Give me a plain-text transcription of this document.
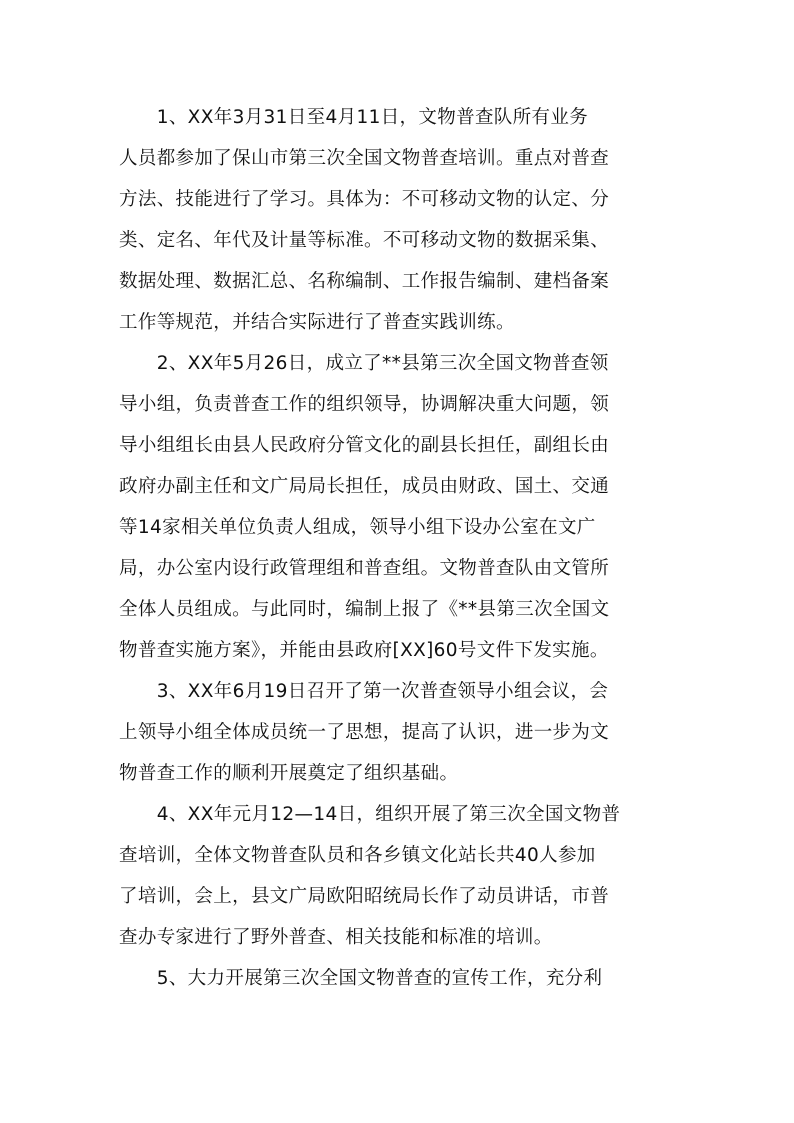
　　1、XX年3月31日至4月11日，文物普查队所有业务
人员都参加了保山市第三次全国文物普查培训。重点对普查
方法、技能进行了学习。具体为：不可移动文物的认定、分
类、定名、年代及计量等标准。不可移动文物的数据采集、
数据处理、数据汇总、名称编制、工作报告编制、建档备案
工作等规范，并结合实际进行了普查实践训练。
　　2、XX年5月26日，成立了**县第三次全国文物普查领
导小组，负责普查工作的组织领导，协调解决重大问题，领
导小组组长由县人民政府分管文化的副县长担任，副组长由
政府办副主任和文广局局长担任，成员由财政、国土、交通
等14家相关单位负责人组成，领导小组下设办公室在文广
局，办公室内设行政管理组和普查组。文物普查队由文管所
全体人员组成。与此同时，编制上报了《**县第三次全国文
物普查实施方案》，并能由县政府[XX]60号文件下发实施。
　　3、XX年6月19日召开了第一次普查领导小组会议，会
上领导小组全体成员统一了思想，提高了认识，进一步为文
物普查工作的顺利开展奠定了组织基础。
　　4、XX年元月12—14日，组织开展了第三次全国文物普
查培训，全体文物普查队员和各乡镇文化站长共40人参加
了培训，会上，县文广局欧阳昭统局长作了动员讲话，市普
查办专家进行了野外普查、相关技能和标准的培训。
　　5、大力开展第三次全国文物普查的宣传工作，充分利
